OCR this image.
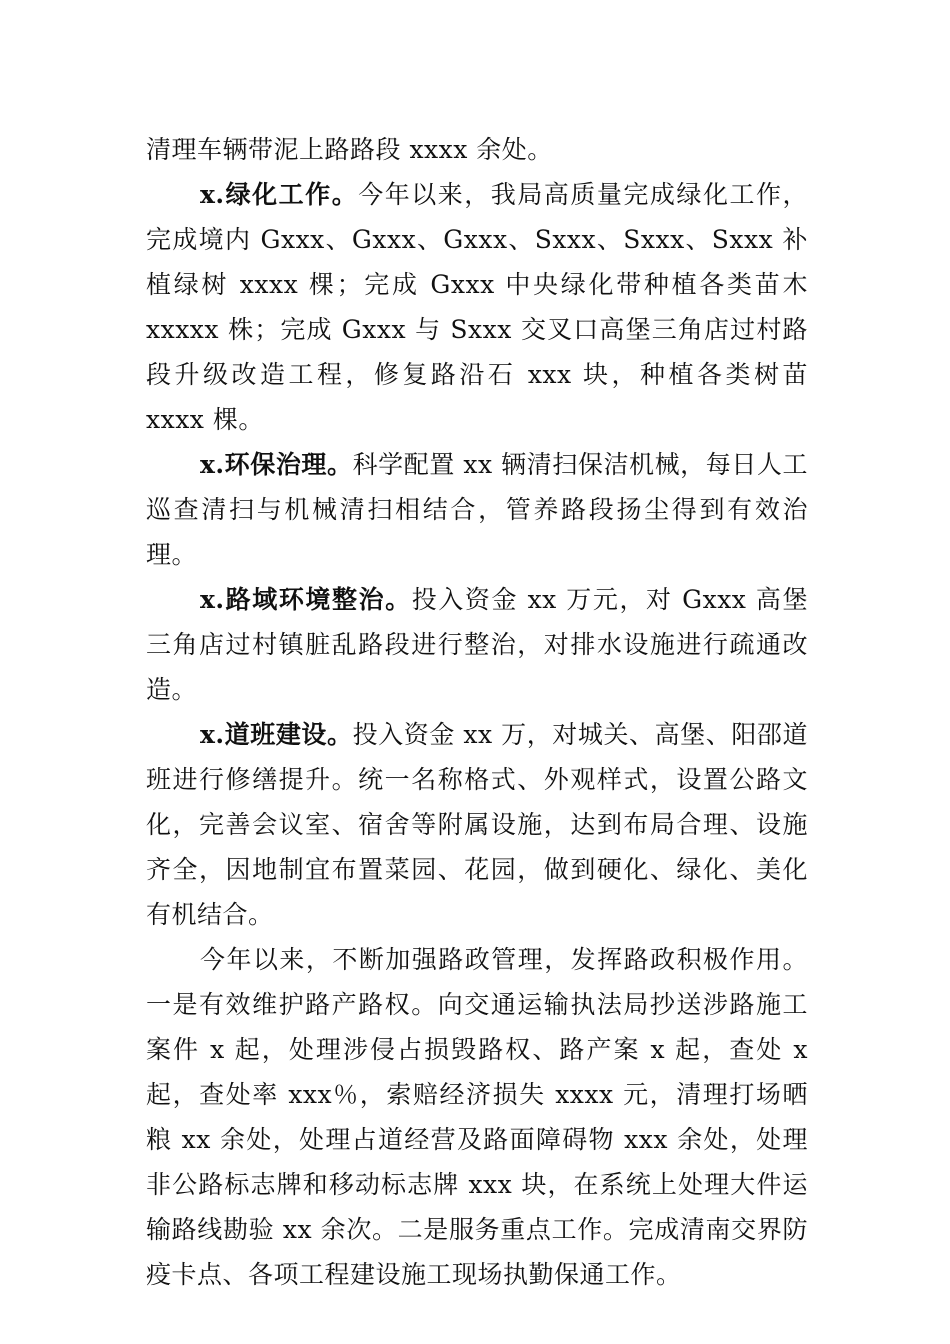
清理车辆带泥上路路段 xxxx 余处。

x.绿化工作。今年以来，我局高质量完成绿化工作，完成境内 Gxxx、Gxxx、Gxxx、Sxxx、Sxxx、Sxxx 补植绿树 xxxx 棵；完成 Gxxx 中央绿化带种植各类苗木 xxxxx 株；完成 Gxxx 与 Sxxx 交叉口高堡三角店过村路段升级改造工程，修复路沿石 xxx 块，种植各类树苗 xxxx 棵。

x.环保治理。科学配置 xx 辆清扫保洁机械，每日人工巡查清扫与机械清扫相结合，管养路段扬尘得到有效治理。

x.路域环境整治。投入资金 xx 万元，对 Gxxx 高堡三角店过村镇脏乱路段进行整治，对排水设施进行疏通改造。

x.道班建设。投入资金 xx 万，对城关、高堡、阳邵道班进行修缮提升。统一名称格式、外观样式，设置公路文化，完善会议室、宿舍等附属设施，达到布局合理、设施齐全，因地制宜布置菜园、花园，做到硬化、绿化、美化有机结合。

今年以来，不断加强路政管理，发挥路政积极作用。一是有效维护路产路权。向交通运输执法局抄送涉路施工案件 x 起，处理涉侵占损毁路权、路产案 x 起，查处 x 起，查处率 xxx％，索赔经济损失 xxxx 元，清理打场晒粮 xx 余处，处理占道经营及路面障碍物 xxx 余处，处理非公路标志牌和移动标志牌 xxx 块，在系统上处理大件运输路线勘验 xx 余次。二是服务重点工作。完成清南交界防疫卡点、各项工程建设施工现场执勤保通工作。
